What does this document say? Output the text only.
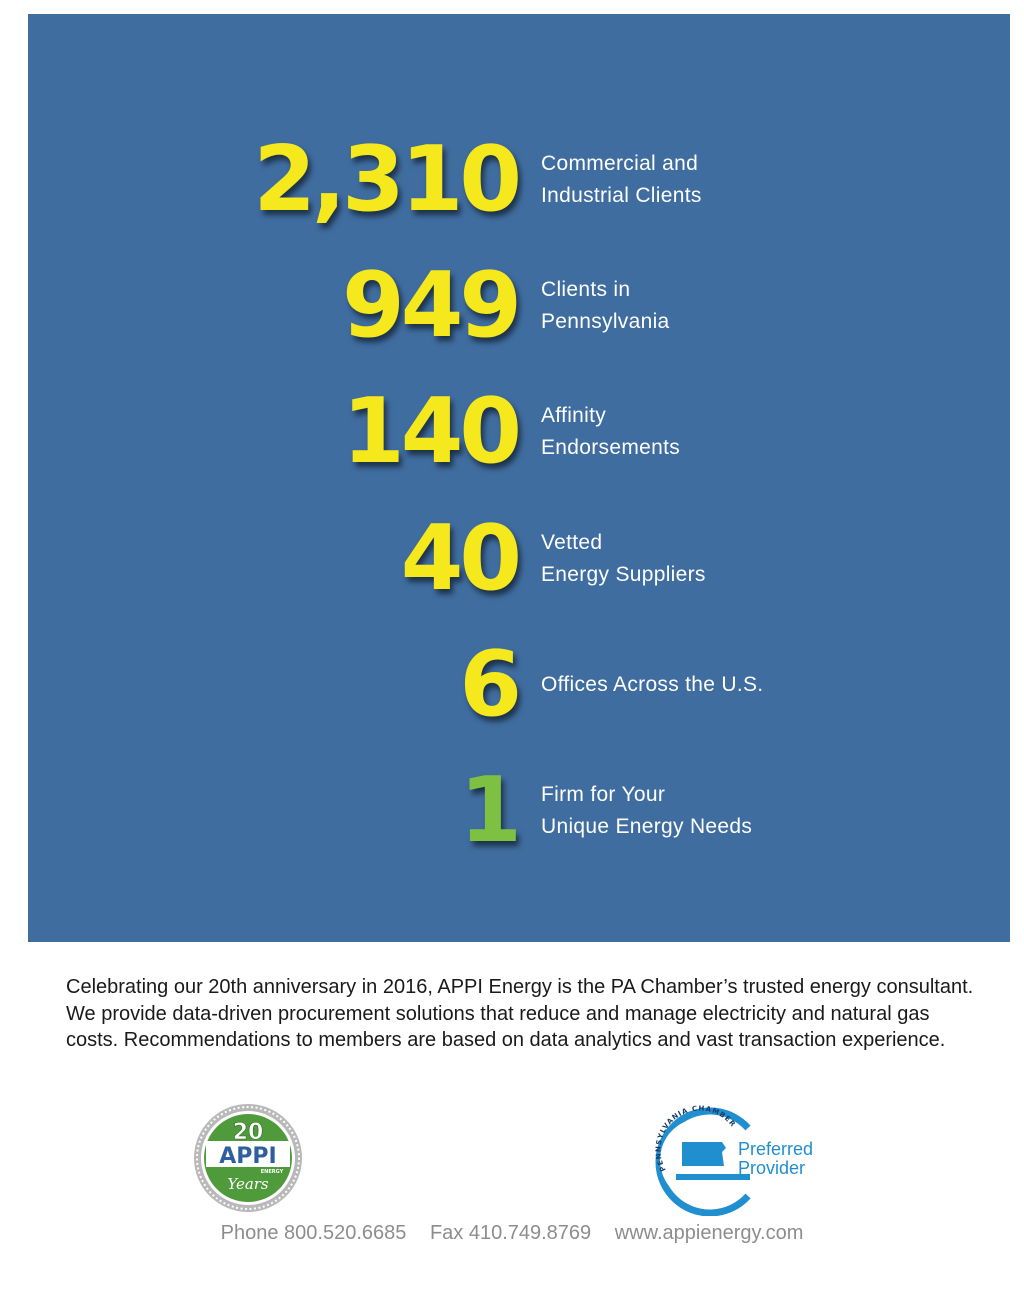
2,310 Commercial and
Industrial Clients
949 Clients in
Pennsylvania
140 Affinity
Endorsements
40 Vetted
Energy Suppliers
6 Offices Across the U.S.
1 Firm for Your
Unique Energy Needs

Celebrating our 20th anniversary in 2016, APPI Energy is the PA Chamber’s trusted energy consultant. We provide data-driven procurement solutions that reduce and manage electricity and natural gas costs. Recommendations to members are based on data analytics and vast transaction experience.

20
APPI
ENERGY
Years
PENNSYLVANIA CHAMBER
Preferred
Provider
Phone 800.520.6685 Fax 410.749.8769 www.appienergy.com
